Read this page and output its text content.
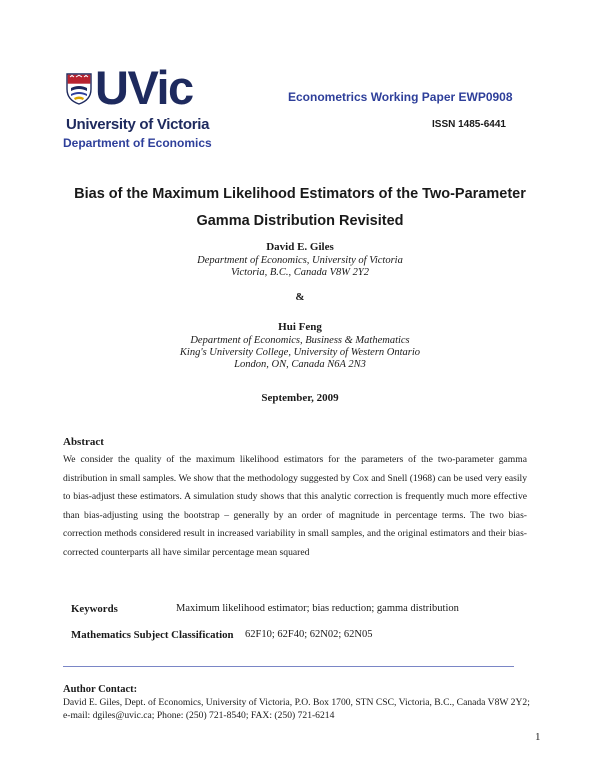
UVic
University of Victoria
Department of Economics
Econometrics Working Paper EWP0908
ISSN 1485-6441
Bias of the Maximum Likelihood Estimators of the Two-Parameter
Gamma Distribution Revisited
David E. Giles
Department of Economics, University of Victoria
Victoria, B.C., Canada V8W 2Y2
&
Hui Feng
Department of Economics, Business & Mathematics
King's University College, University of Western Ontario
London, ON, Canada N6A 2N3
September, 2009
Abstract
We consider the quality of the maximum likelihood estimators for the parameters of the two-parameter gamma distribution in small samples. We show that the methodology suggested by Cox and Snell (1968) can be used very easily to bias-adjust these estimators. A simulation study shows that this analytic correction is frequently much more effective than bias-adjusting using the bootstrap – generally by an order of magnitude in percentage terms. The two bias-correction methods considered result in increased variability in small samples, and the original estimators and their bias-corrected counterparts all have similar percentage mean squared
Keywords	Maximum likelihood estimator; bias reduction; gamma distribution
Mathematics Subject Classification 62F10; 62F40; 62N02; 62N05
Author Contact:
David E. Giles, Dept. of Economics, University of Victoria, P.O. Box 1700, STN CSC, Victoria, B.C., Canada V8W 2Y2; e-mail: dgiles@uvic.ca; Phone: (250) 721-8540; FAX: (250) 721-6214
1
